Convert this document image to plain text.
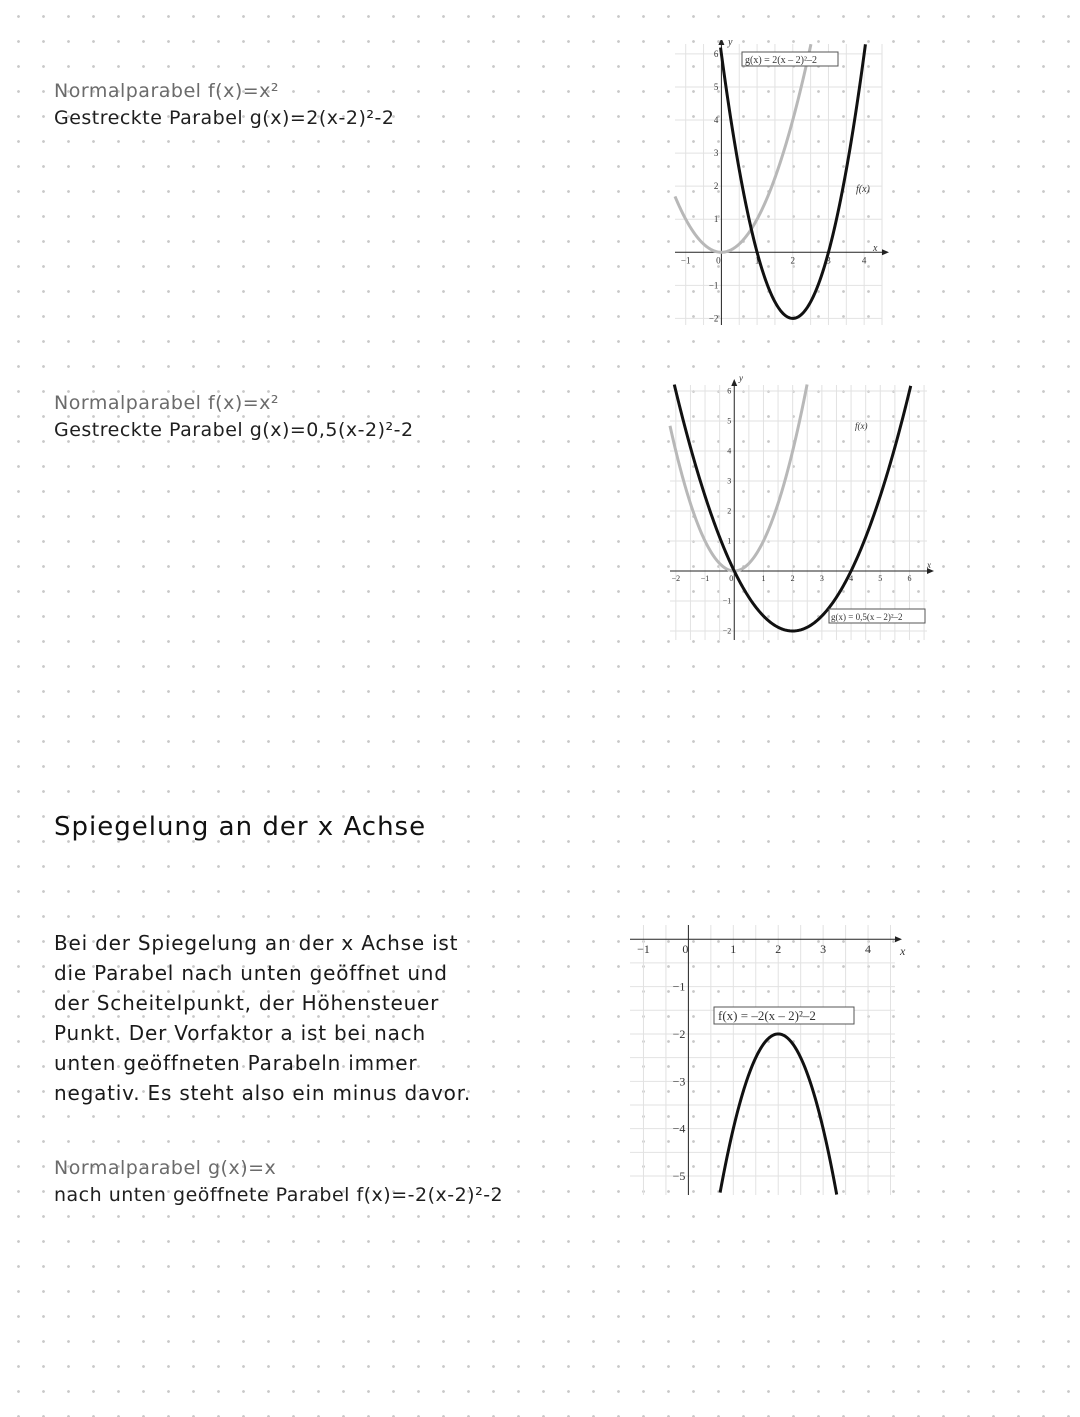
Normalparabel f(x)=x²
Gestreckte Parabel g(x)=2(x-2)²-2
−1	0	1	2	3	4
−2
−1
1
2
3
4
5
6
g(x) = 2(x – 2)²–2
f(x)
y
x
Normalparabel f(x)=x²
Gestreckte Parabel g(x)=0,5(x-2)²-2
−2	−1 0	1	2	3	4	5	6
−2
−1
1
2
3
4
5
6
g(x) = 0,5(x – 2)²–2
f(x)
y
x
Spiegelung an der x Achse
Bei der Spiegelung an der x Achse ist
die Parabel nach unten geöffnet und
der Scheitelpunkt, der Höhensteuer
Punkt. Der Vorfaktor a ist bei nach
unten geöffneten Parabeln immer
negativ. Es steht also ein minus davor.
Normalparabel g(x)=x
nach unten geöffnete Parabel f(x)=-2(x-2)²-2
−1	0	1	2	3	4
−1
−2
−3
−4
−5
f(x) = –2(x – 2)²–2
x
